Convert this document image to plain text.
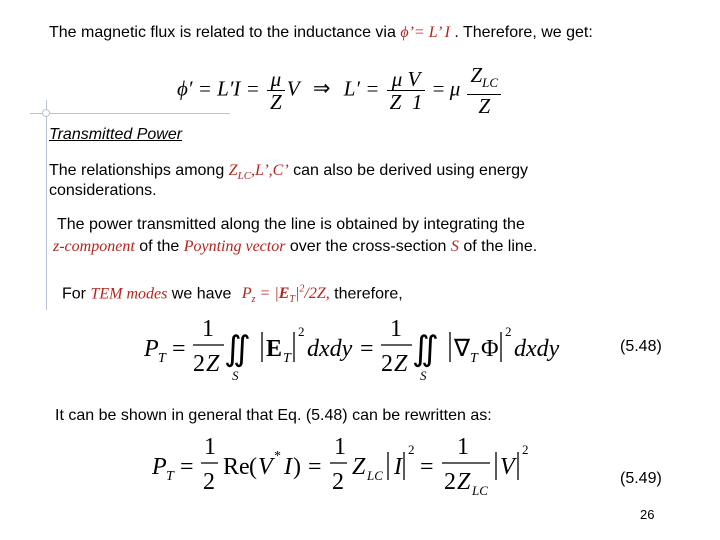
The magnetic flux is related to the inductance via ϕ’= L’ I . Therefore, we get:
$\phi' = L'I = \frac{\mu}{Z}$ V ⇒ $L' = \frac{\text{μ V}}{Z 1} = \mu \frac{Z_{LC}}{Z}$
Transmitted Power
The relationships among $Z_{LC},L’,C$’ can also be derived using energy
considerations.
The power transmitted along the line is obtained by integrating the
z-component of the Poynting vector over the cross-section S of the line.
For TEM modes we have $P_z = |E_T|^2/2Z$, therefore,
P T =
1
2 Z ∬
S
E T
2
dxdy =
1
2 Z ∬
S
∇ T Φ
2
dxdy	(5.48)
It can be shown in general that Eq. (5.48) can be rewritten as:
P T =
1
2
Re ( V * I ) =
1
2
Z LC I
2
=
1
2 Z LC
V
2
(5.49)
26
